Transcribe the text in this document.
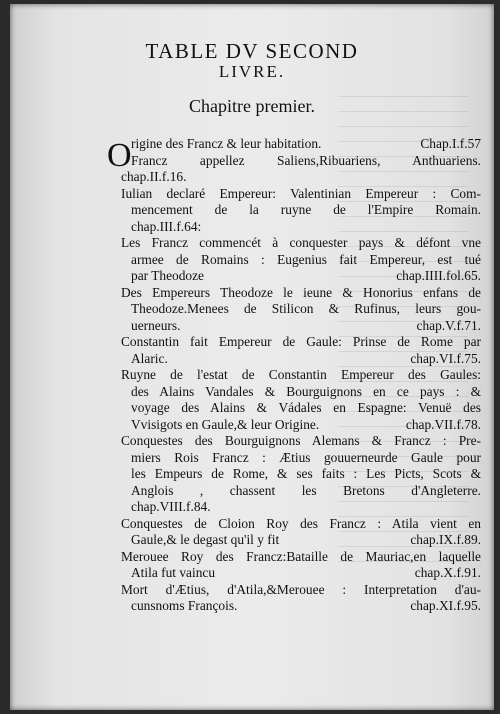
TABLE DV SECOND
LIVRE.
Chapitre premier.
O rigine des Francz & leur habitation.	Chap.I.f.57
Francz appellez Saliens,Ribuariens, Anthuariens.
chap.II.f.16.
Iulian declaré Empereur: Valentinian Empereur : Com-
mencement de la ruyne de l'Empire Romain.
chap.III.f.64:
Les Francz commencét à conquester pays & défont vne
armee de Romains : Eugenius fait Empereur, est tué
par Theodoze	chap.IIII.fol.65.
Des Empereurs Theodoze le ieune & Honorius enfans de
Theodoze.Menees de Stilicon & Rufinus, leurs gou-
uerneurs.	chap.V.f.71.
Constantin fait Empereur de Gaule: Prinse de Rome par
Alaric.	chap.VI.f.75.
Ruyne de l'estat de Constantin Empereur des Gaules:
des Alains Vandales & Bourguignons en ce pays : &
voyage des Alains & Vádales en Espagne: Venuë des
Vvisigots en Gaule,& leur Origine.	chap.VII.f.78.
Conquestes des Bourguignons Alemans & Francz : Pre-
miers Rois Francz : Ætius gouuerneurde Gaule pour
les Empeurs de Rome, & ses faits : Les Picts, Scots &
Anglois , chassent les Bretons d'Angleterre.
chap.VIII.f.84.
Conquestes de Cloion Roy des Francz : Atila vient en
Gaule,& le degast qu'il y fit	chap.IX.f.89.
Merouee Roy des Francz:Bataille de Mauriac,en laquelle
Atila fut vaincu	chap.X.f.91.
Mort d'Ætius, d'Atila,&Merouee : Interpretation d'au-
cunsnoms François.	chap.XI.f.95.
